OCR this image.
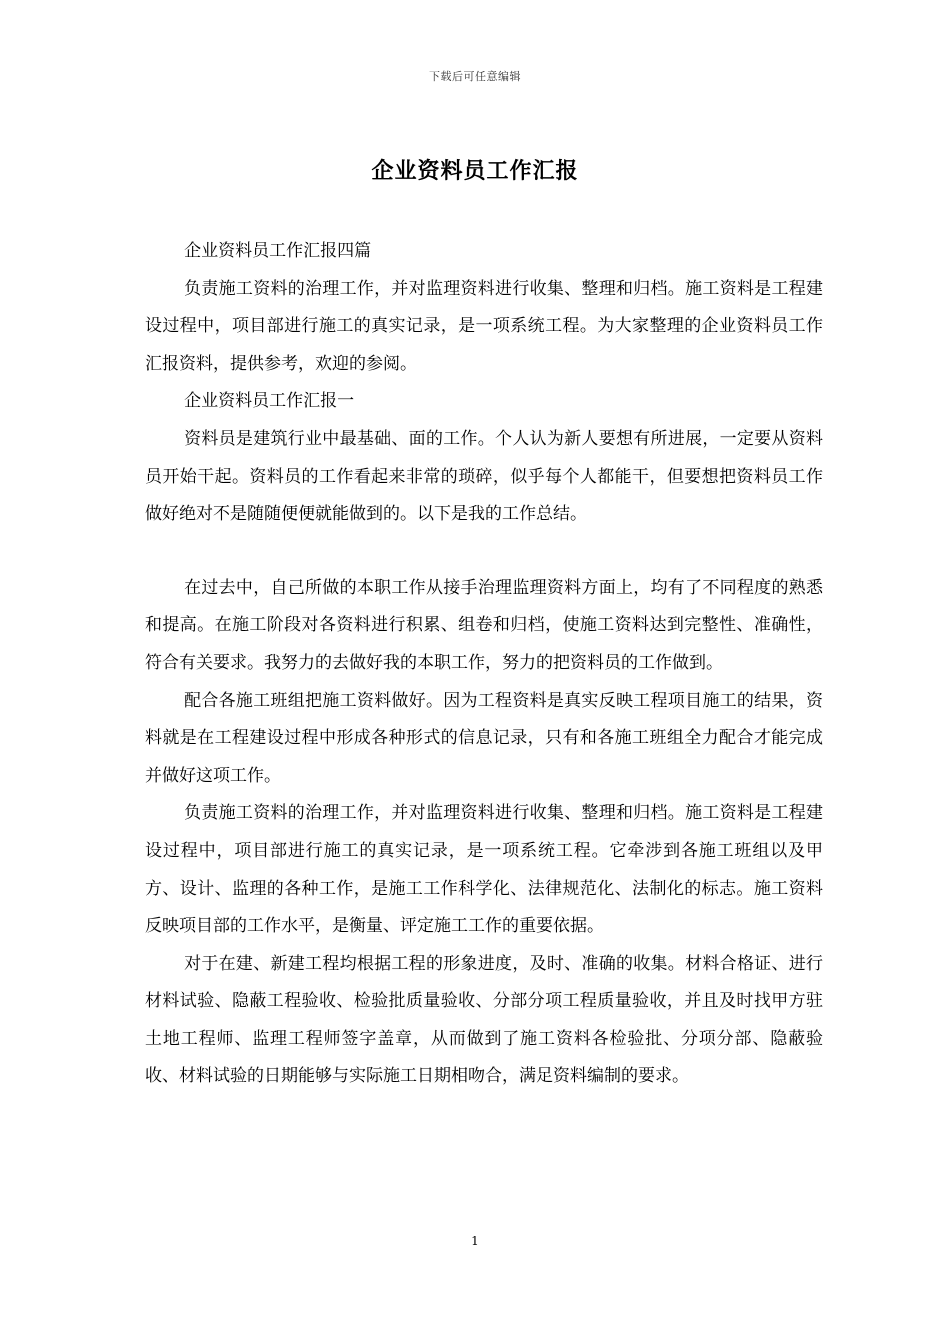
下载后可任意编辑
企业资料员工作汇报

企业资料员工作汇报四篇

负责施工资料的治理工作，并对监理资料进行收集、整理和归档。施工资料是工程建设过程中，项目部进行施工的真实记录，是一项系统工程。为大家整理的企业资料员工作汇报资料，提供参考，欢迎的参阅。

企业资料员工作汇报一

资料员是建筑行业中最基础、面的工作。个人认为新人要想有所进展，一定要从资料员开始干起。资料员的工作看起来非常的琐碎，似乎每个人都能干，但要想把资料员工作做好绝对不是随随便便就能做到的。以下是我的工作总结。

在过去中，自己所做的本职工作从接手治理监理资料方面上，均有了不同程度的熟悉和提高。在施工阶段对各资料进行积累、组卷和归档，使施工资料达到完整性、准确性，符合有关要求。我努力的去做好我的本职工作，努力的把资料员的工作做到。

配合各施工班组把施工资料做好。因为工程资料是真实反映工程项目施工的结果，资料就是在工程建设过程中形成各种形式的信息记录，只有和各施工班组全力配合才能完成并做好这项工作。

负责施工资料的治理工作，并对监理资料进行收集、整理和归档。施工资料是工程建设过程中，项目部进行施工的真实记录，是一项系统工程。它牵涉到各施工班组以及甲方、设计、监理的各种工作，是施工工作科学化、法律规范化、法制化的标志。施工资料反映项目部的工作水平，是衡量、评定施工工作的重要依据。

对于在建、新建工程均根据工程的形象进度，及时、准确的收集。材料合格证、进行材料试验、隐蔽工程验收、检验批质量验收、分部分项工程质量验收，并且及时找甲方驻土地工程师、监理工程师签字盖章，从而做到了施工资料各检验批、分项分部、隐蔽验收、材料试验的日期能够与实际施工日期相吻合，满足资料编制的要求。

1
